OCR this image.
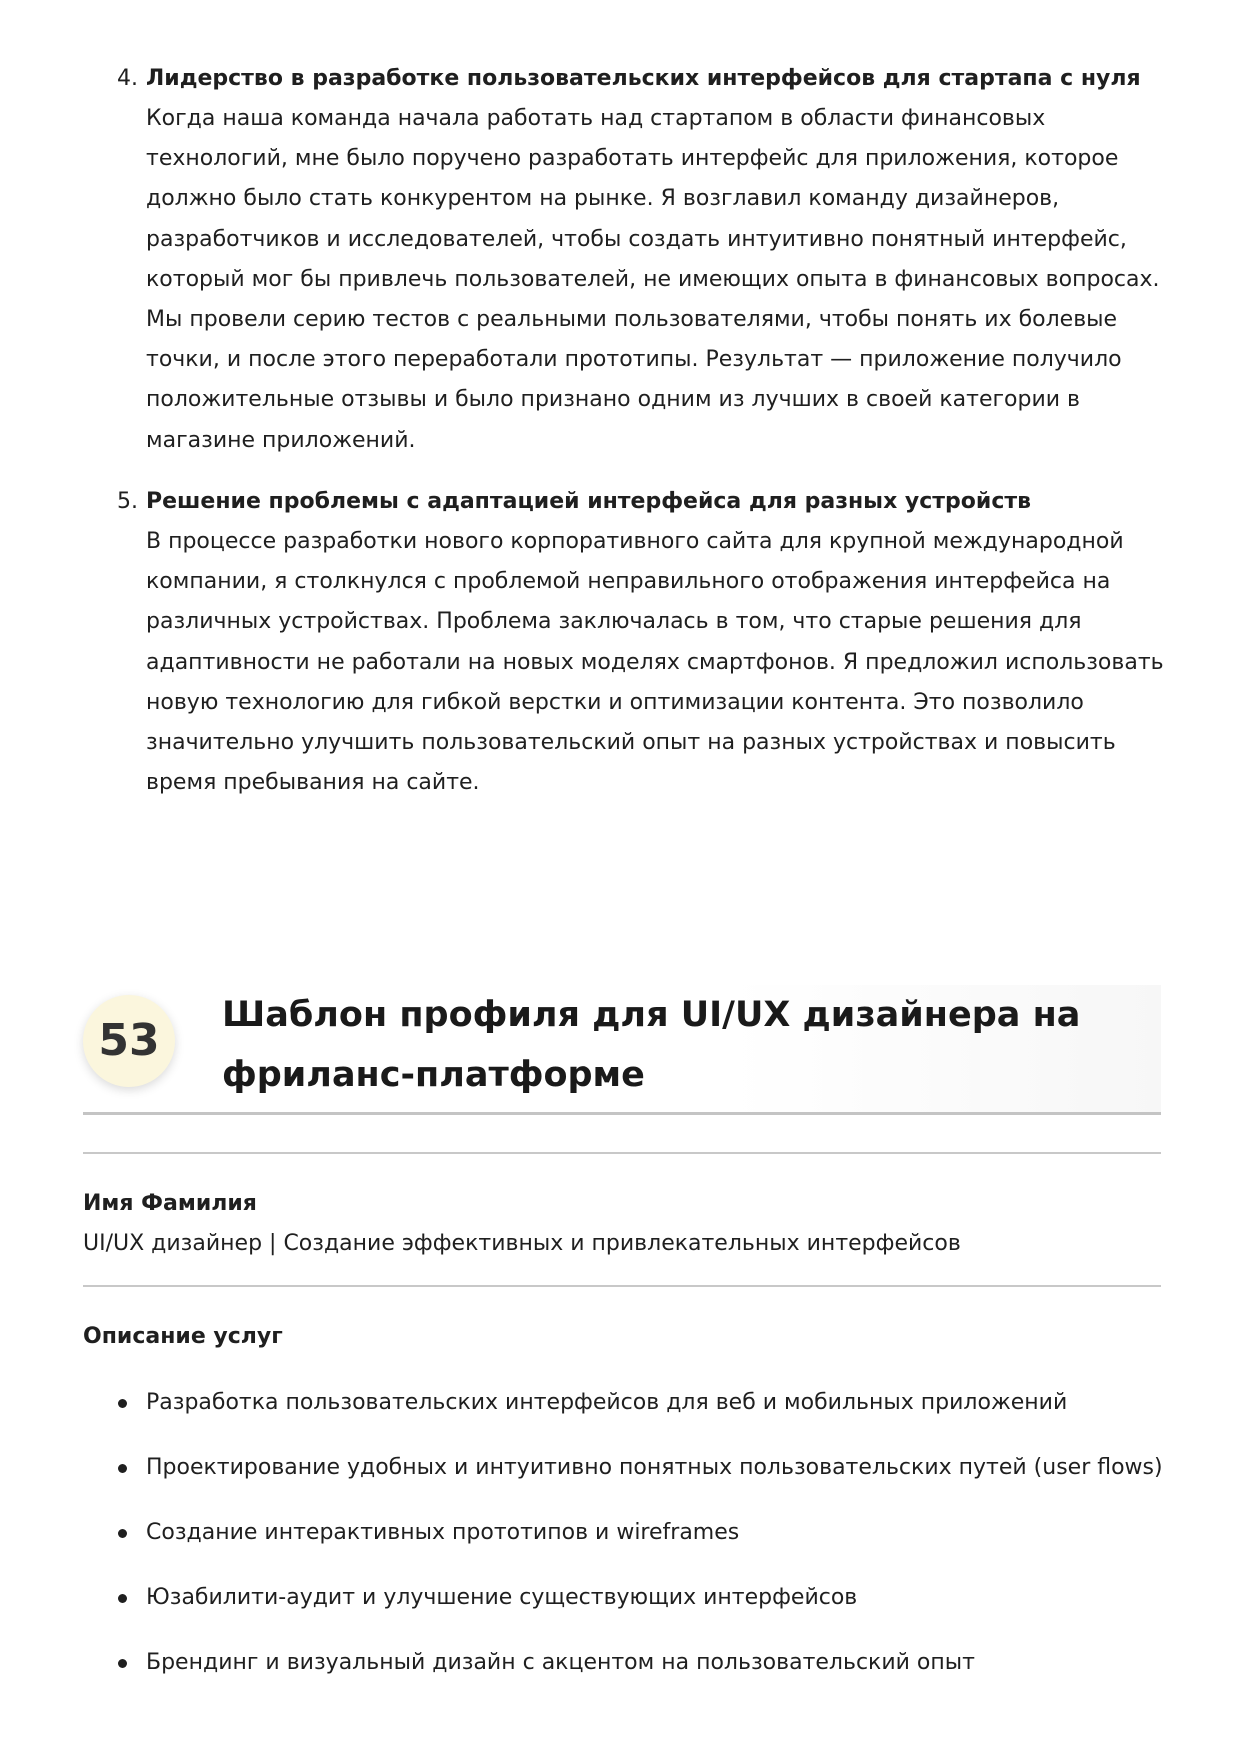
4. Лидерство в разработке пользовательских интерфейсов для стартапа с нуля
Когда наша команда начала работать над стартапом в области финансовых
технологий, мне было поручено разработать интерфейс для приложения, которое
должно было стать конкурентом на рынке. Я возглавил команду дизайнеров,
разработчиков и исследователей, чтобы создать интуитивно понятный интерфейс,
который мог бы привлечь пользователей, не имеющих опыта в финансовых вопросах.
Мы провели серию тестов с реальными пользователями, чтобы понять их болевые
точки, и после этого переработали прототипы. Результат — приложение получило
положительные отзывы и было признано одним из лучших в своей категории в
магазине приложений.
5. Решение проблемы с адаптацией интерфейса для разных устройств
В процессе разработки нового корпоративного сайта для крупной международной
компании, я столкнулся с проблемой неправильного отображения интерфейса на
различных устройствах. Проблема заключалась в том, что старые решения для
адаптивности не работали на новых моделях смартфонов. Я предложил использовать
новую технологию для гибкой верстки и оптимизации контента. Это позволило
значительно улучшить пользовательский опыт на разных устройствах и повысить
время пребывания на сайте.
53	Шаблон профиля для UI/UX дизайнера на
фриланс-платформе
Имя Фамилия
UI/UX дизайнер | Создание эффективных и привлекательных интерфейсов
Описание услуг
Разработка пользовательских интерфейсов для веб и мобильных приложений
Проектирование удобных и интуитивно понятных пользовательских путей (user flows)
Создание интерактивных прототипов и wireframes
Юзабилити-аудит и улучшение существующих интерфейсов
Брендинг и визуальный дизайн с акцентом на пользовательский опыт
